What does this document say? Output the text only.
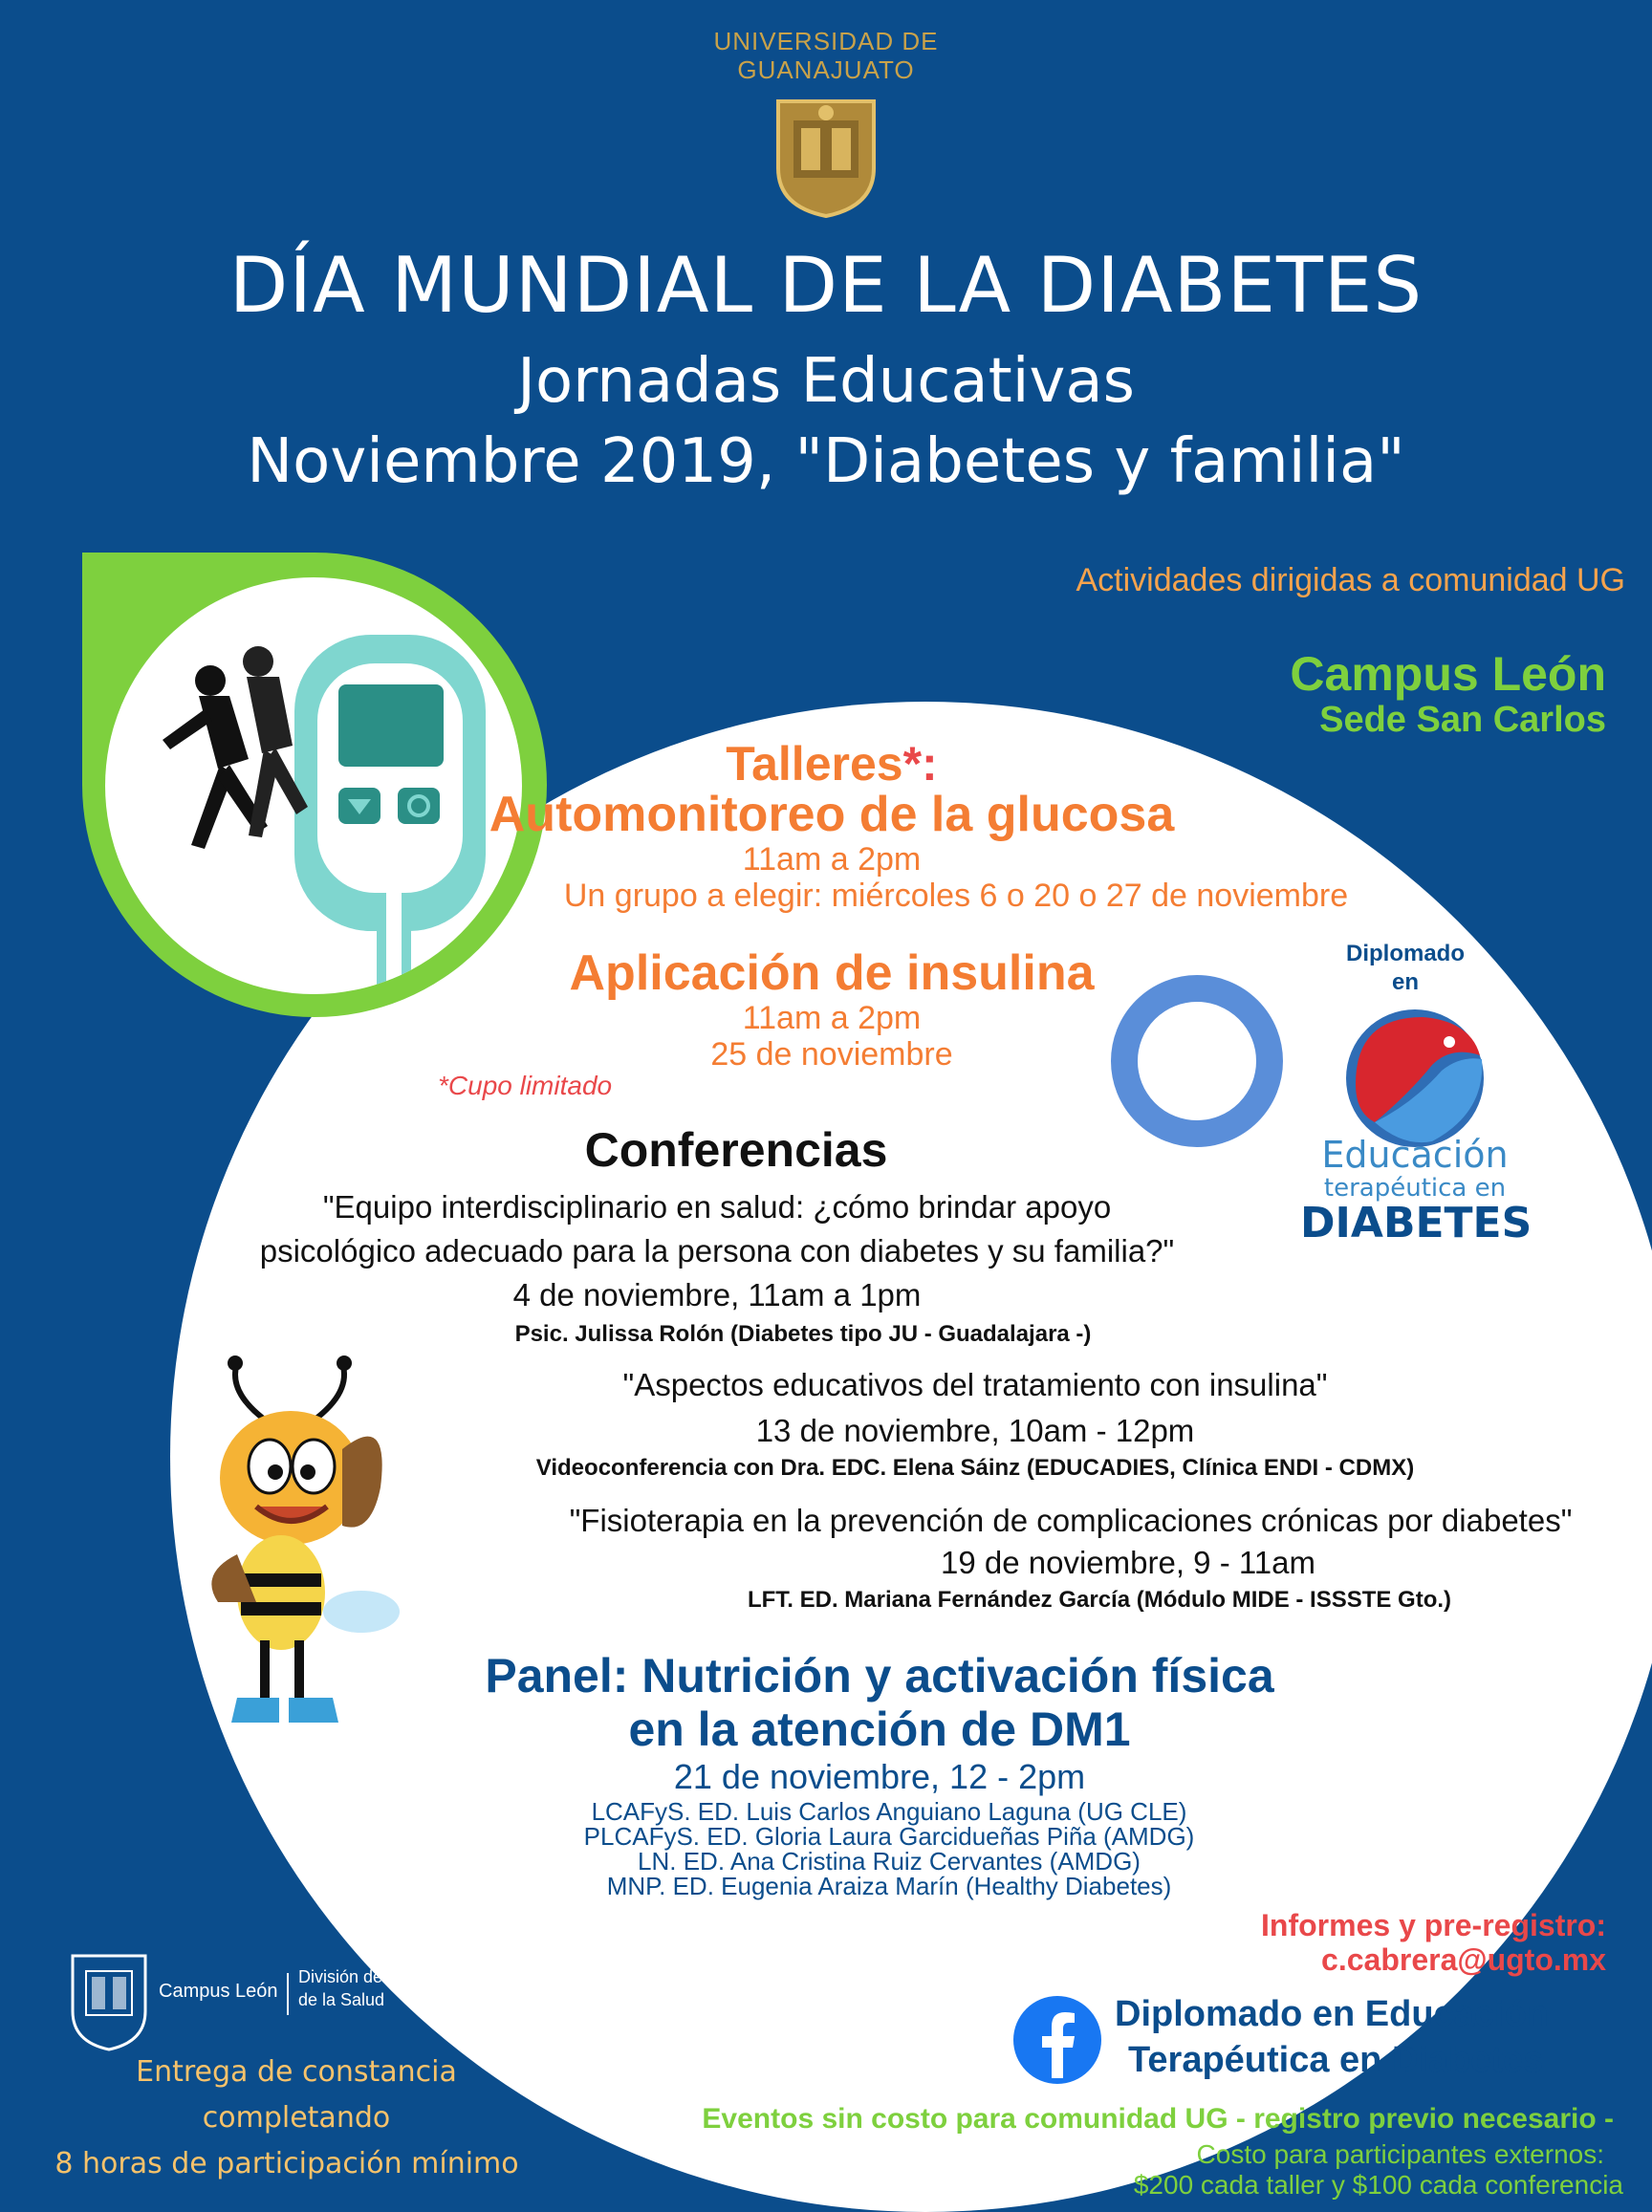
UNIVERSIDAD DE
GUANAJUATO
DÍA MUNDIAL DE LA DIABETES
Jornadas Educativas
Noviembre 2019, "Diabetes y familia"
Actividades dirigidas a comunidad UG
Campus León
Sede San Carlos
Talleres*:
Automonitoreo de la glucosa
11am a 2pm
Un grupo a elegir: miércoles 6 o 20 o 27 de noviembre
Aplicación de insulina
11am a 2pm
25 de noviembre
*Cupo limitado
Diplomado
en
Educación
terapéutica en
DIABETES
Conferencias
"Equipo interdisciplinario en salud: ¿cómo brindar apoyo
psicológico adecuado para la persona con diabetes y su familia?"
4 de noviembre, 11am a 1pm
Psic. Julissa Rolón (Diabetes tipo JU - Guadalajara -)
"Aspectos educativos del tratamiento con insulina"
13 de noviembre, 10am - 12pm
Videoconferencia con Dra. EDC. Elena Sáinz (EDUCADIES, Clínica ENDI - CDMX)
"Fisioterapia en la prevención de complicaciones crónicas por diabetes"
19 de noviembre, 9 - 11am
LFT. ED. Mariana Fernández García (Módulo MIDE - ISSSTE Gto.)
Panel: Nutrición y activación física
en la atención de DM1
21 de noviembre, 12 - 2pm
LCAFyS. ED. Luis Carlos Anguiano Laguna (UG CLE)
PLCAFyS. ED. Gloria Laura Garcidueñas Piña (AMDG)
LN. ED. Ana Cristina Ruiz Cervantes (AMDG)
MNP. ED. Eugenia Araiza Marín (Healthy Diabetes)
Informes y pre-registro:
c.cabrera@ugto.mx
Diplomado en Educación
Terapéutica en Diabetes
Campus León
División de Ciencias
de la Salud
Entrega de constancia
completando
8 horas de participación mínimo
Eventos sin costo para comunidad UG - registro previo necesario -
Costo para participantes externos:
$200 cada taller y $100 cada conferencia
